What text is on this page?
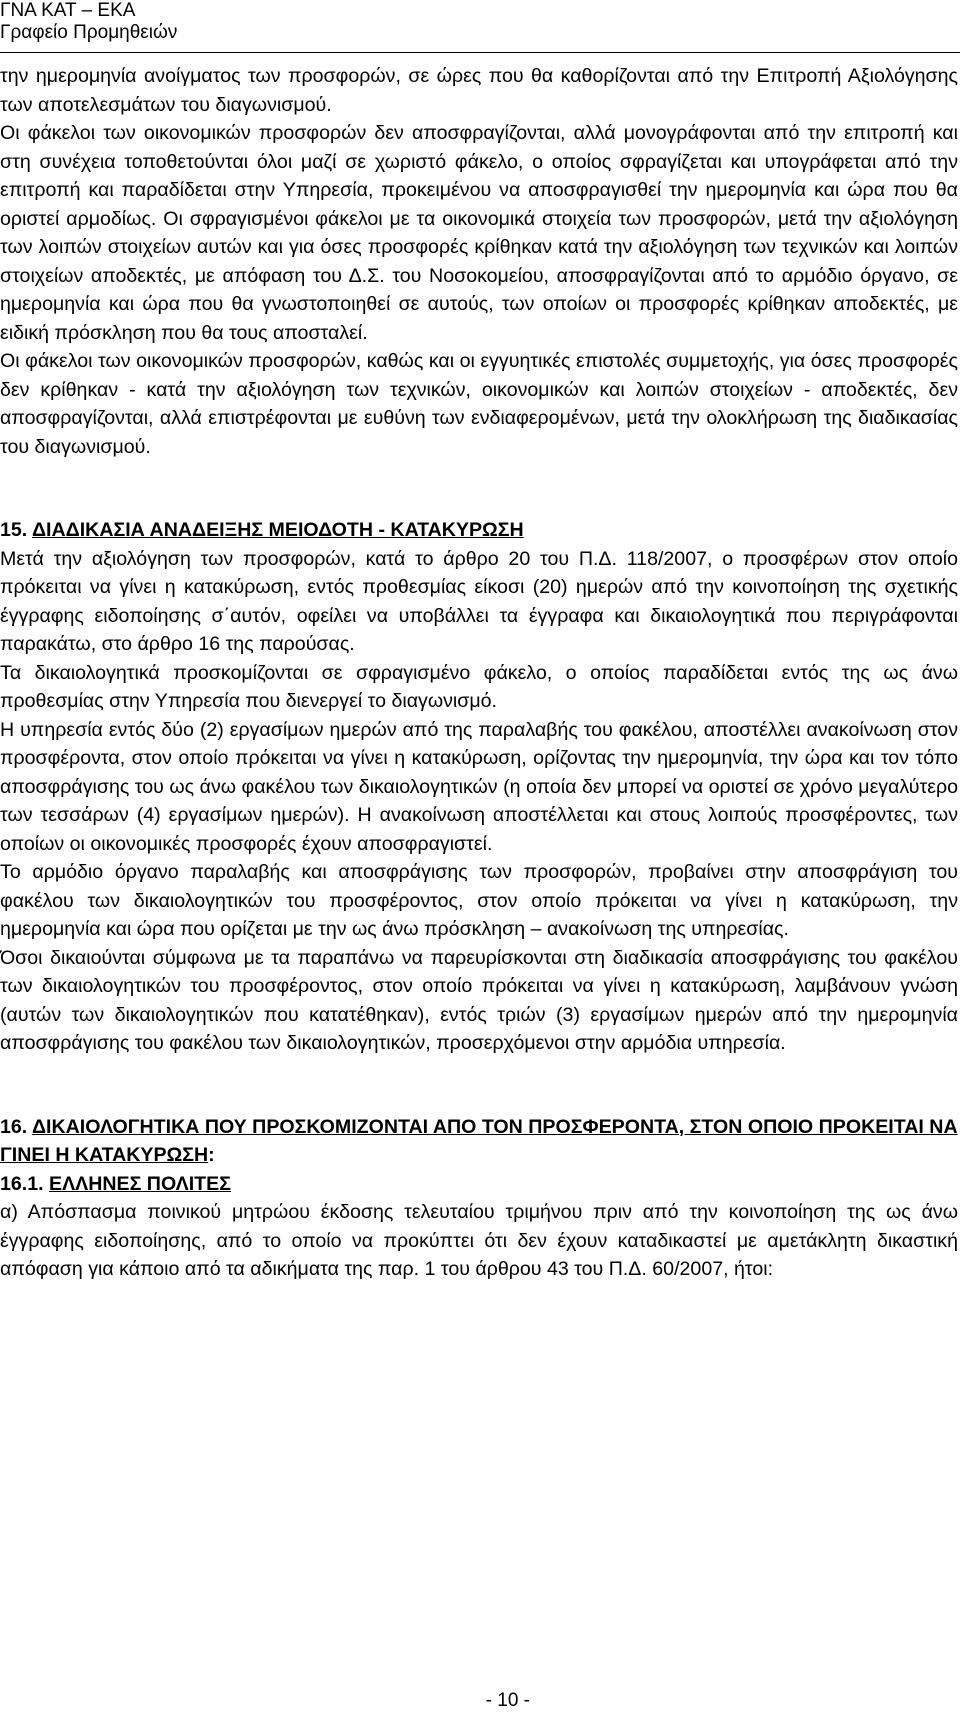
ΓΝΑ ΚΑΤ – ΕΚΑ
Γραφείο Προμηθειών

την ημερομηνία ανοίγματος των προσφορών, σε ώρες που θα καθορίζονται από την Επιτροπή Αξιολόγησης των αποτελεσμάτων του διαγωνισμού.

Οι φάκελοι των οικονομικών προσφορών δεν αποσφραγίζονται, αλλά μονογράφονται από την επιτροπή και στη συνέχεια τοποθετούνται όλοι μαζί σε χωριστό φάκελο, ο οποίος σφραγίζεται και υπογράφεται από την επιτροπή και παραδίδεται στην Υπηρεσία, προκειμένου να αποσφραγισθεί την ημερομηνία και ώρα που θα οριστεί αρμοδίως. Οι σφραγισμένοι φάκελοι με τα οικονομικά στοιχεία των προσφορών, μετά την αξιολόγηση των λοιπών στοιχείων αυτών και για όσες προσφορές κρίθηκαν κατά την αξιολόγηση των τεχνικών και λοιπών στοιχείων αποδεκτές, με απόφαση του Δ.Σ. του Νοσοκομείου, αποσφραγίζονται από το αρμόδιο όργανο, σε ημερομηνία και ώρα που θα γνωστοποιηθεί σε αυτούς, των οποίων οι προσφορές κρίθηκαν αποδεκτές, με ειδική πρόσκληση που θα τους αποσταλεί.

Οι φάκελοι των οικονομικών προσφορών, καθώς και οι εγγυητικές επιστολές συμμετοχής, για όσες προσφορές δεν κρίθηκαν - κατά την αξιολόγηση των τεχνικών, οικονομικών και λοιπών στοιχείων - αποδεκτές, δεν αποσφραγίζονται, αλλά επιστρέφονται με ευθύνη των ενδιαφερομένων, μετά την ολοκλήρωση της διαδικασίας του διαγωνισμού.

15. ΔΙΑΔΙΚΑΣΙΑ ΑΝΑΔΕΙΞΗΣ ΜΕΙΟΔΟΤΗ - ΚΑΤΑΚΥΡΩΣΗ

Μετά την αξιολόγηση των προσφορών, κατά το άρθρο 20 του Π.Δ. 118/2007, ο προσφέρων στον οποίο πρόκειται να γίνει η κατακύρωση, εντός προθεσμίας είκοσι (20) ημερών από την κοινοποίηση της σχετικής έγγραφης ειδοποίησης σ΄αυτόν, οφείλει να υποβάλλει τα έγγραφα και δικαιολογητικά που περιγράφονται παρακάτω, στο άρθρο 16 της παρούσας.

Τα δικαιολογητικά προσκομίζονται σε σφραγισμένο φάκελο, ο οποίος παραδίδεται εντός της ως άνω προθεσμίας στην Υπηρεσία που διενεργεί το διαγωνισμό.

Η υπηρεσία εντός δύο (2) εργασίμων ημερών από της παραλαβής του φακέλου, αποστέλλει ανακοίνωση στον προσφέροντα, στον οποίο πρόκειται να γίνει η κατακύρωση, ορίζοντας την ημερομηνία, την ώρα και τον τόπο αποσφράγισης του ως άνω φακέλου των δικαιολογητικών (η οποία δεν μπορεί να οριστεί σε χρόνο μεγαλύτερο των τεσσάρων (4) εργασίμων ημερών). Η ανακοίνωση αποστέλλεται και στους λοιπούς προσφέροντες, των οποίων οι οικονομικές προσφορές έχουν αποσφραγιστεί.

Το αρμόδιο όργανο παραλαβής και αποσφράγισης των προσφορών, προβαίνει στην αποσφράγιση του φακέλου των δικαιολογητικών του προσφέροντος, στον οποίο πρόκειται να γίνει η κατακύρωση, την ημερομηνία και ώρα που ορίζεται με την ως άνω πρόσκληση – ανακοίνωση της υπηρεσίας.

Όσοι δικαιούνται σύμφωνα με τα παραπάνω να παρευρίσκονται στη διαδικασία αποσφράγισης του φακέλου των δικαιολογητικών του προσφέροντος, στον οποίο πρόκειται να γίνει η κατακύρωση, λαμβάνουν γνώση (αυτών των δικαιολογητικών που κατατέθηκαν), εντός τριών (3) εργασίμων ημερών από την ημερομηνία αποσφράγισης του φακέλου των δικαιολογητικών, προσερχόμενοι στην αρμόδια υπηρεσία.

16. ΔΙΚΑΙΟΛΟΓΗΤΙΚΑ ΠΟΥ ΠΡΟΣΚΟΜΙΖΟΝΤΑΙ ΑΠΟ ΤΟΝ ΠΡΟΣΦΕΡΟΝΤΑ, ΣΤΟΝ ΟΠΟΙΟ ΠΡΟΚΕΙΤΑΙ ΝΑ ΓΙΝΕΙ Η ΚΑΤΑΚΥΡΩΣΗ:

16.1. ΕΛΛΗΝΕΣ ΠΟΛΙΤΕΣ

α) Απόσπασμα ποινικού μητρώου έκδοσης τελευταίου τριμήνου πριν από την κοινοποίηση της ως άνω έγγραφης ειδοποίησης, από το οποίο να προκύπτει ότι δεν έχουν καταδικαστεί με αμετάκλητη δικαστική απόφαση για κάποιο από τα αδικήματα της παρ. 1 του άρθρου 43 του Π.Δ. 60/2007, ήτοι:

- 10 -
